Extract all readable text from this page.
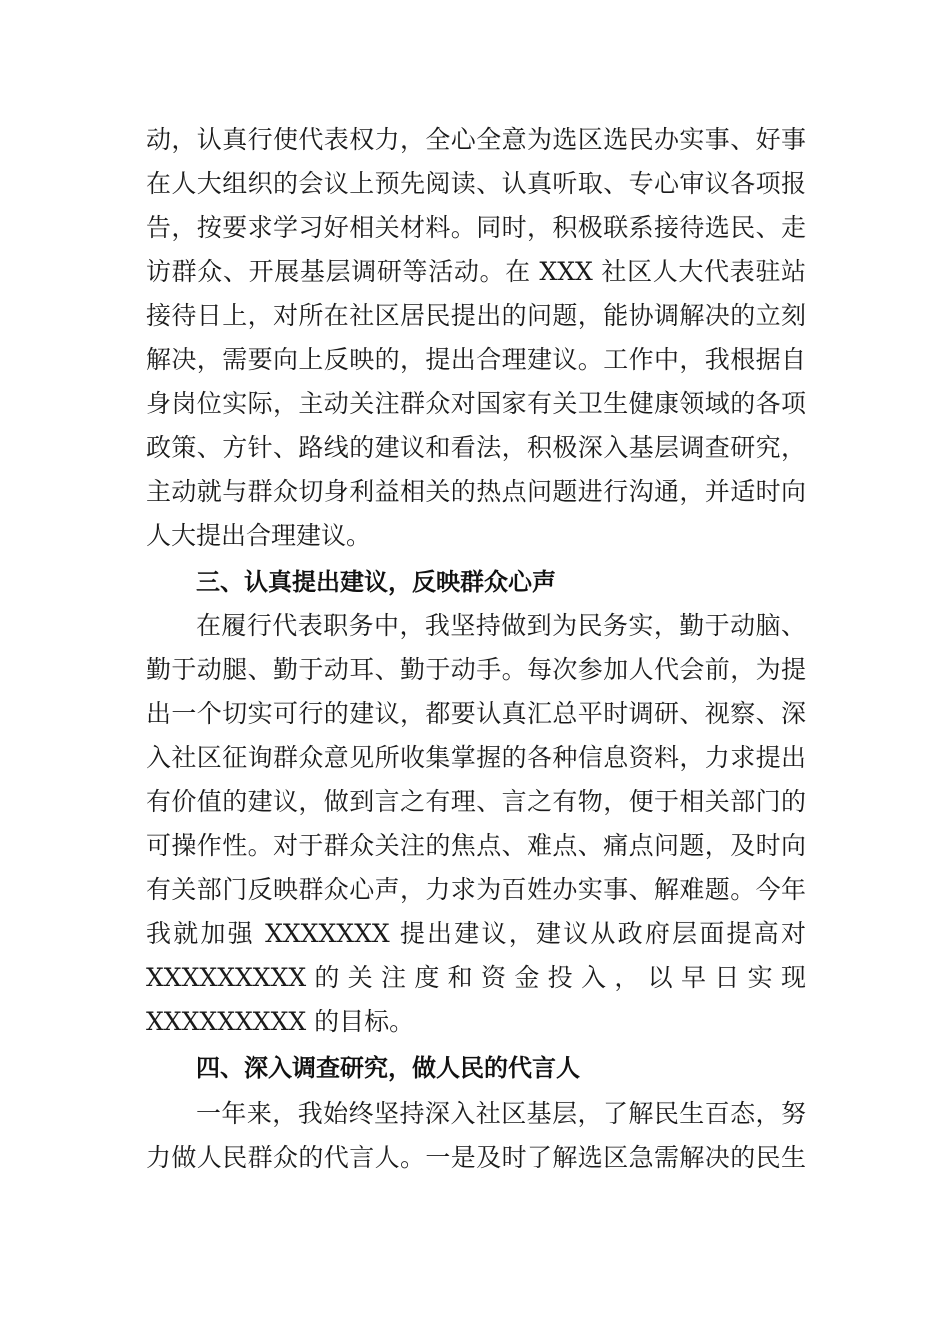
动，认真行使代表权力，全心全意为选区选民办实事、好事
在人大组织的会议上预先阅读、认真听取、专心审议各项报
告，按要求学习好相关材料。同时，积极联系接待选民、走
访群众、开展基层调研等活动。在 XXX 社区人大代表驻站
接待日上，对所在社区居民提出的问题，能协调解决的立刻
解决，需要向上反映的，提出合理建议。工作中，我根据自
身岗位实际，主动关注群众对国家有关卫生健康领域的各项
政策、方针、路线的建议和看法，积极深入基层调查研究，
主动就与群众切身利益相关的热点问题进行沟通，并适时向
人大提出合理建议。
三、认真提出建议，反映群众心声
在履行代表职务中，我坚持做到为民务实，勤于动脑、
勤于动腿、勤于动耳、勤于动手。每次参加人代会前，为提
出一个切实可行的建议，都要认真汇总平时调研、视察、深
入社区征询群众意见所收集掌握的各种信息资料，力求提出
有价值的建议，做到言之有理、言之有物，便于相关部门的
可操作性。对于群众关注的焦点、难点、痛点问题，及时向
有关部门反映群众心声，力求为百姓办实事、解难题。今年
我就加强 XXXXXXX 提出建议，建议从政府层面提高对
XXXXXXXXX 的 关 注 度 和 资 金 投 入 ， 以 早 日 实 现
XXXXXXXXX 的目标。
四、深入调查研究，做人民的代言人
一年来，我始终坚持深入社区基层，了解民生百态，努
力做人民群众的代言人。一是及时了解选区急需解决的民生
